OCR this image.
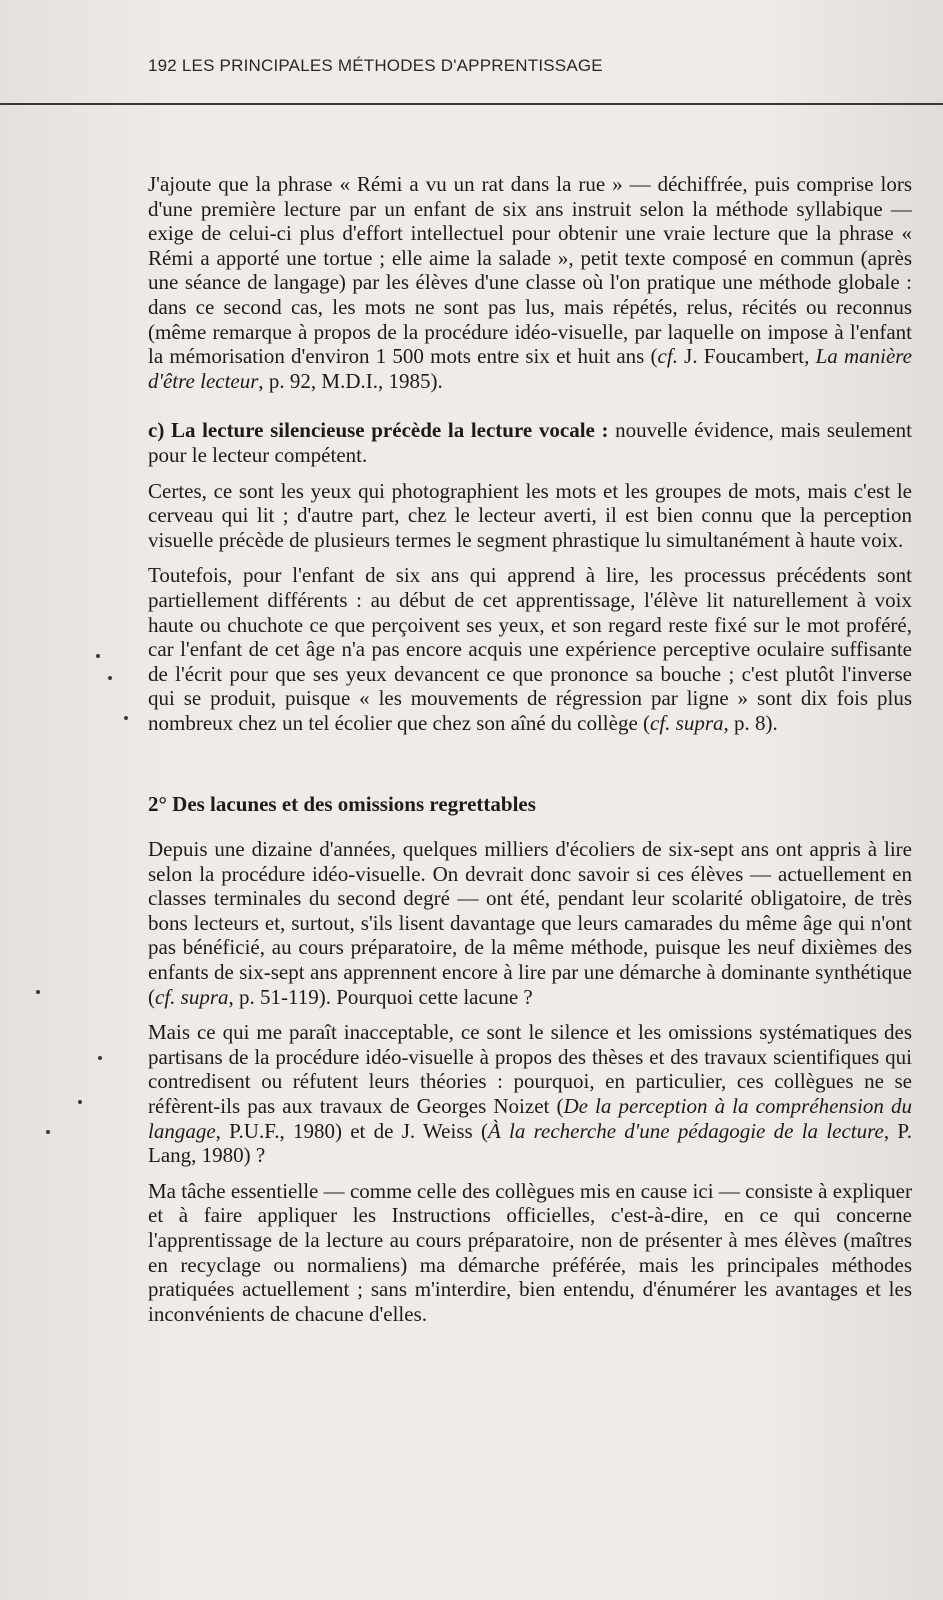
192 LES PRINCIPALES MÉTHODES D'APPRENTISSAGE

J'ajoute que la phrase « Rémi a vu un rat dans la rue » — déchiffrée, puis comprise lors d'une première lecture par un enfant de six ans instruit selon la méthode syllabique — exige de celui-ci plus d'effort intellectuel pour obtenir une vraie lecture que la phrase « Rémi a apporté une tortue ; elle aime la salade », petit texte composé en commun (après une séance de langage) par les élèves d'une classe où l'on pratique une méthode globale : dans ce second cas, les mots ne sont pas lus, mais répétés, relus, récités ou reconnus (même remarque à propos de la procédure idéo-visuelle, par laquelle on impose à l'enfant la mémorisation d'environ 1 500 mots entre six et huit ans (cf. J. Foucambert, La manière d'être lecteur, p. 92, M.D.I., 1985).

c) La lecture silencieuse précède la lecture vocale : nouvelle évidence, mais seulement pour le lecteur compétent.

Certes, ce sont les yeux qui photographient les mots et les groupes de mots, mais c'est le cerveau qui lit ; d'autre part, chez le lecteur averti, il est bien connu que la perception visuelle précède de plusieurs termes le segment phrastique lu simultanément à haute voix.

Toutefois, pour l'enfant de six ans qui apprend à lire, les processus précédents sont partiellement différents : au début de cet apprentissage, l'élève lit naturellement à voix haute ou chuchote ce que perçoivent ses yeux, et son regard reste fixé sur le mot proféré, car l'enfant de cet âge n'a pas encore acquis une expérience perceptive oculaire suffisante de l'écrit pour que ses yeux devancent ce que prononce sa bouche ; c'est plutôt l'inverse qui se produit, puisque « les mouvements de régression par ligne » sont dix fois plus nombreux chez un tel écolier que chez son aîné du collège (cf. supra, p. 8).

2° Des lacunes et des omissions regrettables

Depuis une dizaine d'années, quelques milliers d'écoliers de six-sept ans ont appris à lire selon la procédure idéo-visuelle. On devrait donc savoir si ces élèves — actuellement en classes terminales du second degré — ont été, pendant leur scolarité obligatoire, de très bons lecteurs et, surtout, s'ils lisent davantage que leurs camarades du même âge qui n'ont pas bénéficié, au cours préparatoire, de la même méthode, puisque les neuf dixièmes des enfants de six-sept ans apprennent encore à lire par une démarche à dominante synthétique (cf. supra, p. 51-119). Pourquoi cette lacune ?

Mais ce qui me paraît inacceptable, ce sont le silence et les omissions systématiques des partisans de la procédure idéo-visuelle à propos des thèses et des travaux scientifiques qui contredisent ou réfutent leurs théories : pourquoi, en particulier, ces collègues ne se réfèrent-ils pas aux travaux de Georges Noizet (De la perception à la compréhension du langage, P.U.F., 1980) et de J. Weiss (À la recherche d'une pédagogie de la lecture, P. Lang, 1980) ?

Ma tâche essentielle — comme celle des collègues mis en cause ici — consiste à expliquer et à faire appliquer les Instructions officielles, c'est-à-dire, en ce qui concerne l'apprentissage de la lecture au cours préparatoire, non de présenter à mes élèves (maîtres en recyclage ou normaliens) ma démarche préférée, mais les principales méthodes pratiquées actuellement ; sans m'interdire, bien entendu, d'énumérer les avantages et les inconvénients de chacune d'elles.
